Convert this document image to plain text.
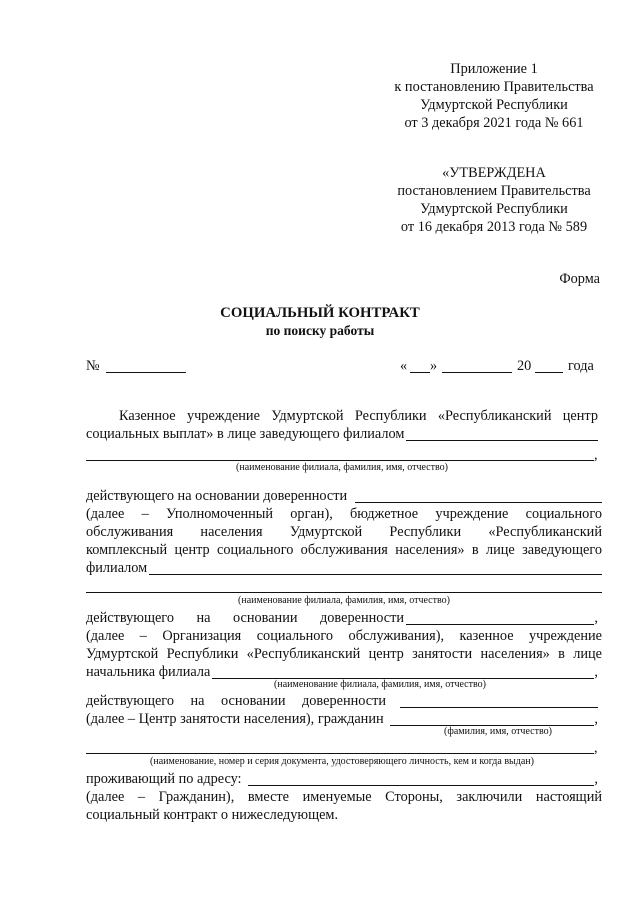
Приложение 1
к постановлению Правительства
Удмуртской Республики
от 3 декабря 2021 года № 661
«УТВЕРЖДЕНА
постановлением Правительства
Удмуртской Республики
от 16 декабря 2013 года № 589
Форма
СОЦИАЛЬНЫЙ КОНТРАКТ
по поиску работы
№	« »	20	года
Казенное учреждение Удмуртской Республики «Республиканский центр
социальных выплат» в лице заведующего филиалом
,
(наименование филиала, фамилия, имя, отчество)
действующего на основании доверенности
(далее – Уполномоченный орган), бюджетное учреждение социального
обслуживания населения Удмуртской Республики «Республиканский
комплексный центр социального обслуживания населения» в лице заведующего
филиалом
(наименование филиала, фамилия, имя, отчество)
действующего на основании доверенности	,
(далее – Организация социального обслуживания), казенное учреждение
Удмуртской Республики «Республиканский центр занятости населения» в лице
начальника филиала	,
(наименование филиала, фамилия, имя, отчество)
действующего на основании доверенности
(далее – Центр занятости населения), гражданин	,
(фамилия, имя, отчество)
,
(наименование, номер и серия документа, удостоверяющего личность, кем и когда выдан)
проживающий по адресу:	,
(далее – Гражданин), вместе именуемые Стороны, заключили настоящий
социальный контракт о нижеследующем.
